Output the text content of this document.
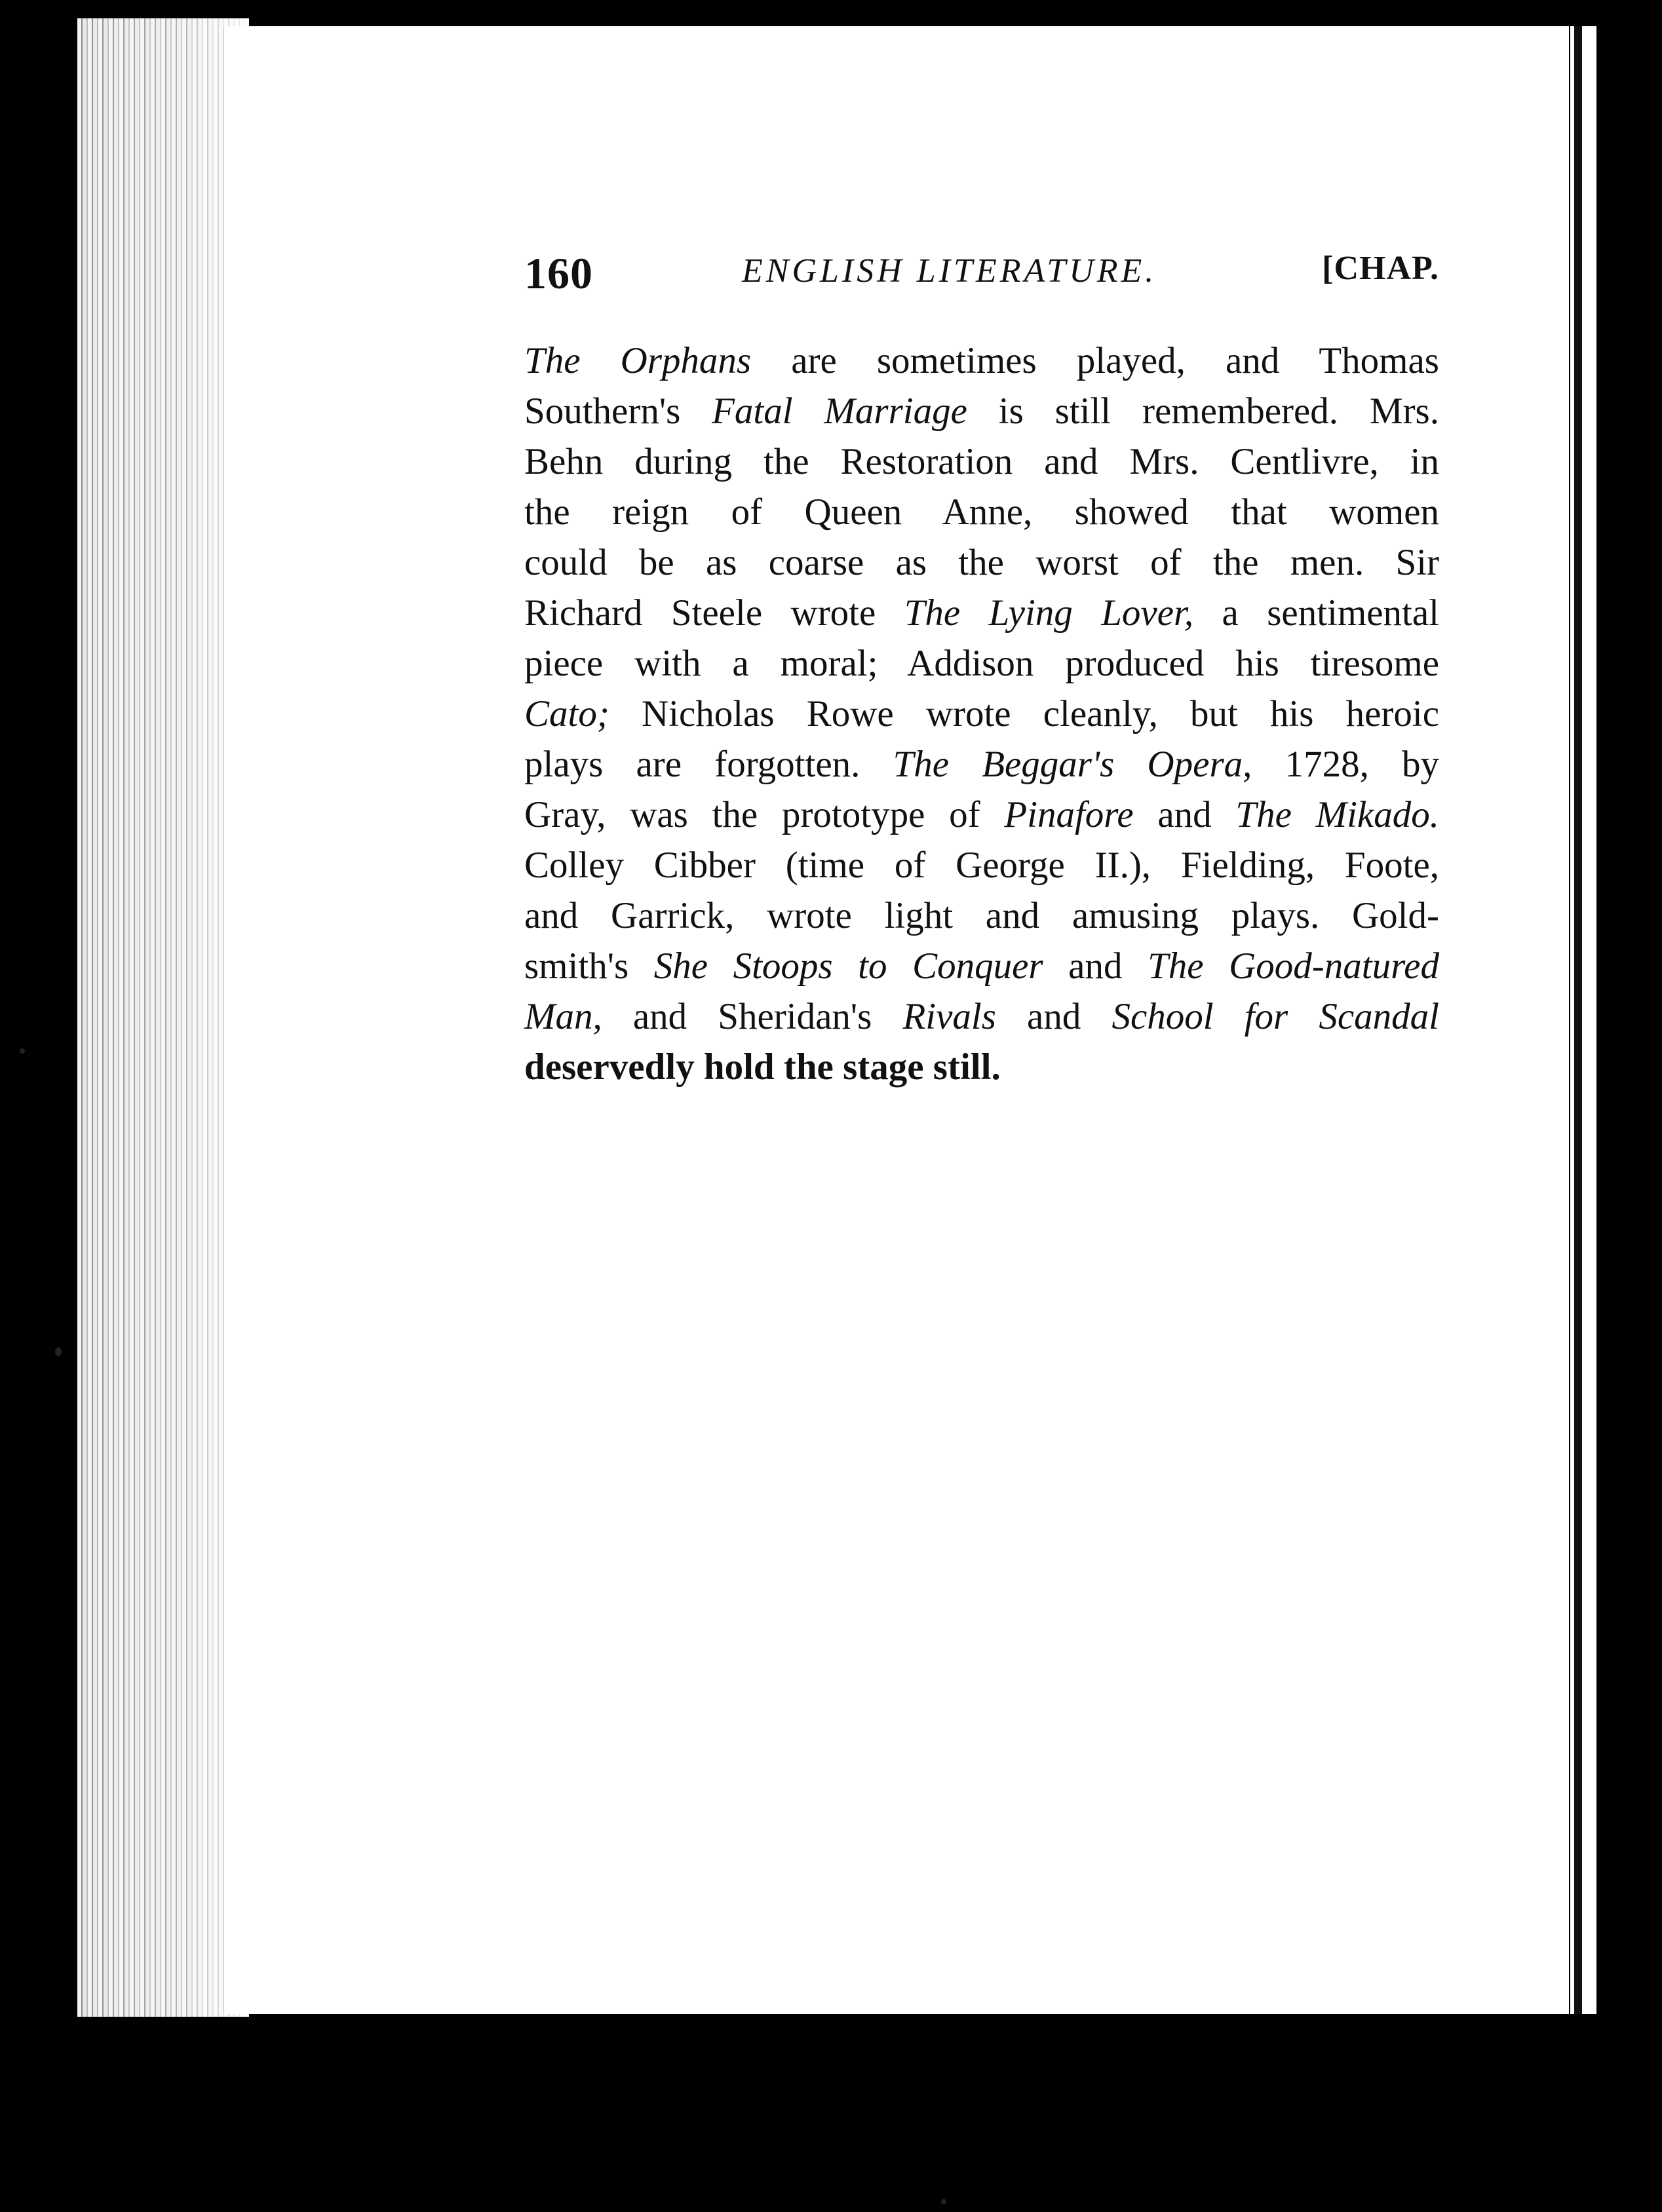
160	ENGLISH LITERATURE.	[CHAP.
The Orphans are sometimes played, and Thomas
Southern's Fatal Marriage is still remembered. Mrs.
Behn during the Restoration and Mrs. Centlivre, in
the reign of Queen Anne, showed that women
could be as coarse as the worst of the men. Sir
Richard Steele wrote The Lying Lover, a sentimental
piece with a moral; Addison produced his tiresome
Cato; Nicholas Rowe wrote cleanly, but his heroic
plays are forgotten. The Beggar's Opera, 1728, by
Gray, was the prototype of Pinafore and The Mikado.
Colley Cibber (time of George II.), Fielding, Foote,
and Garrick, wrote light and amusing plays. Gold-
smith's She Stoops to Conquer and The Good-natured
Man, and Sheridan's Rivals and School for Scandal
deservedly hold the stage still.
